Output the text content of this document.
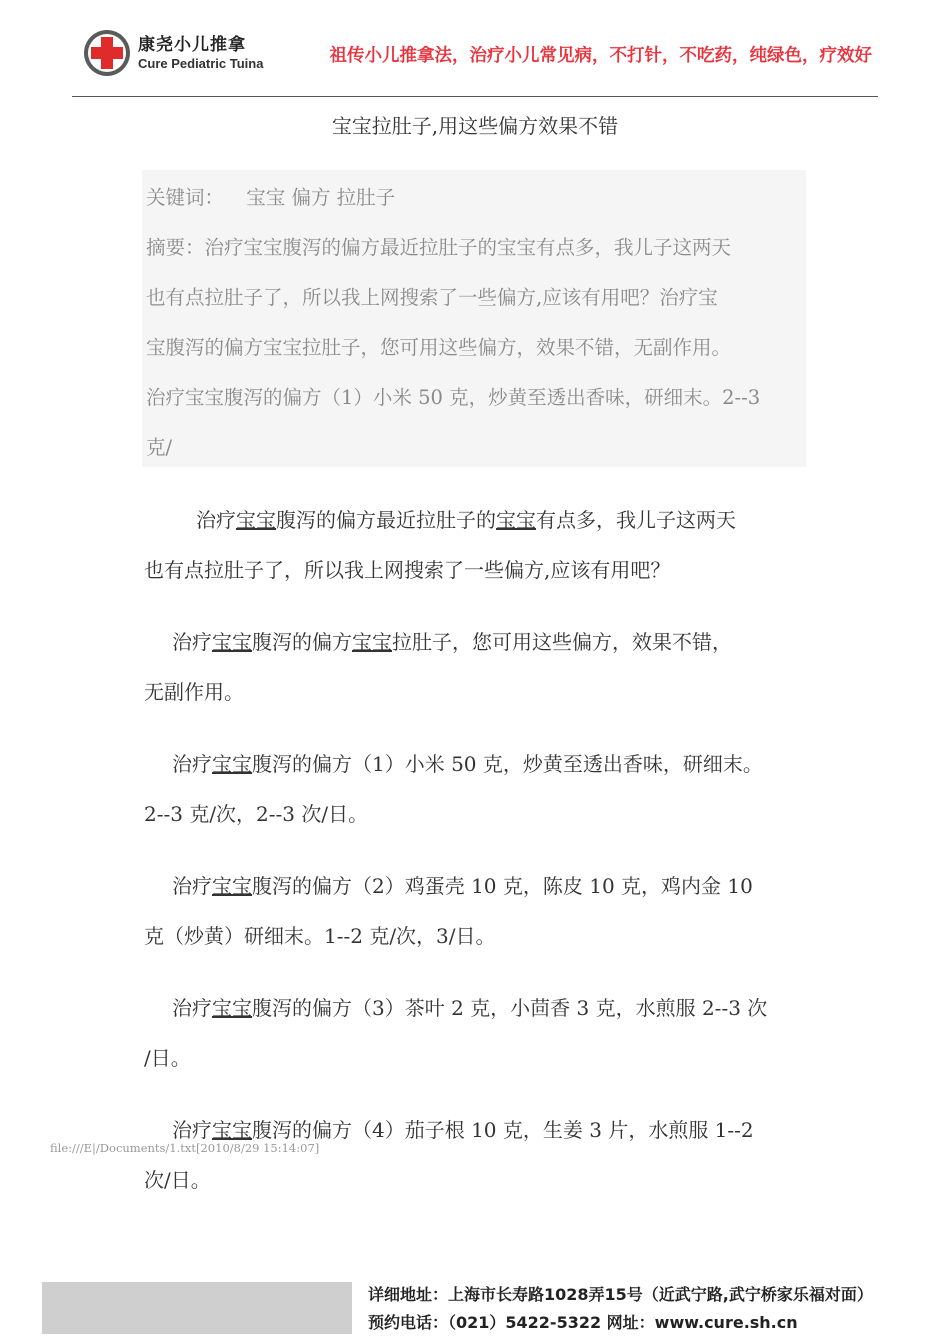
康尧小儿推拿
Cure Pediatric Tuina	祖传小儿推拿法，治疗小儿常见病，不打针，不吃药，纯绿色，疗效好
宝宝拉肚子,用这些偏方效果不错
关键词： 宝宝 偏方 拉肚子
摘要：治疗宝宝腹泻的偏方最近拉肚子的宝宝有点多，我儿子这两天
也有点拉肚子了，所以我上网搜索了一些偏方,应该有用吧？治疗宝
宝腹泻的偏方宝宝拉肚子，您可用这些偏方，效果不错，无副作用。
治疗宝宝腹泻的偏方（1）小米 50 克，炒黄至透出香味，研细末。2--3
克/
治疗宝宝腹泻的偏方最近拉肚子的宝宝有点多，我儿子这两天
也有点拉肚子了，所以我上网搜索了一些偏方,应该有用吧？
治疗宝宝腹泻的偏方宝宝拉肚子，您可用这些偏方，效果不错，
无副作用。
治疗宝宝腹泻的偏方（1）小米 50 克，炒黄至透出香味，研细末。
2--3 克/次，2--3 次/日。
治疗宝宝腹泻的偏方（2）鸡蛋壳 10 克，陈皮 10 克，鸡内金 10
克（炒黄）研细末。1--2 克/次，3/日。
治疗宝宝腹泻的偏方（3）茶叶 2 克，小茴香 3 克，水煎服 2--3 次
/日。
治疗宝宝腹泻的偏方（4）茄子根 10 克，生姜 3 片，水煎服 1--2
次/日。
file:///E|/Documents/1.txt[2010/8/29 15:14:07]
详细地址：上海市长寿路1028弄15号（近武宁路,武宁桥家乐福对面）
预约电话：（021）5422-5322 网址：www.cure.sh.cn
